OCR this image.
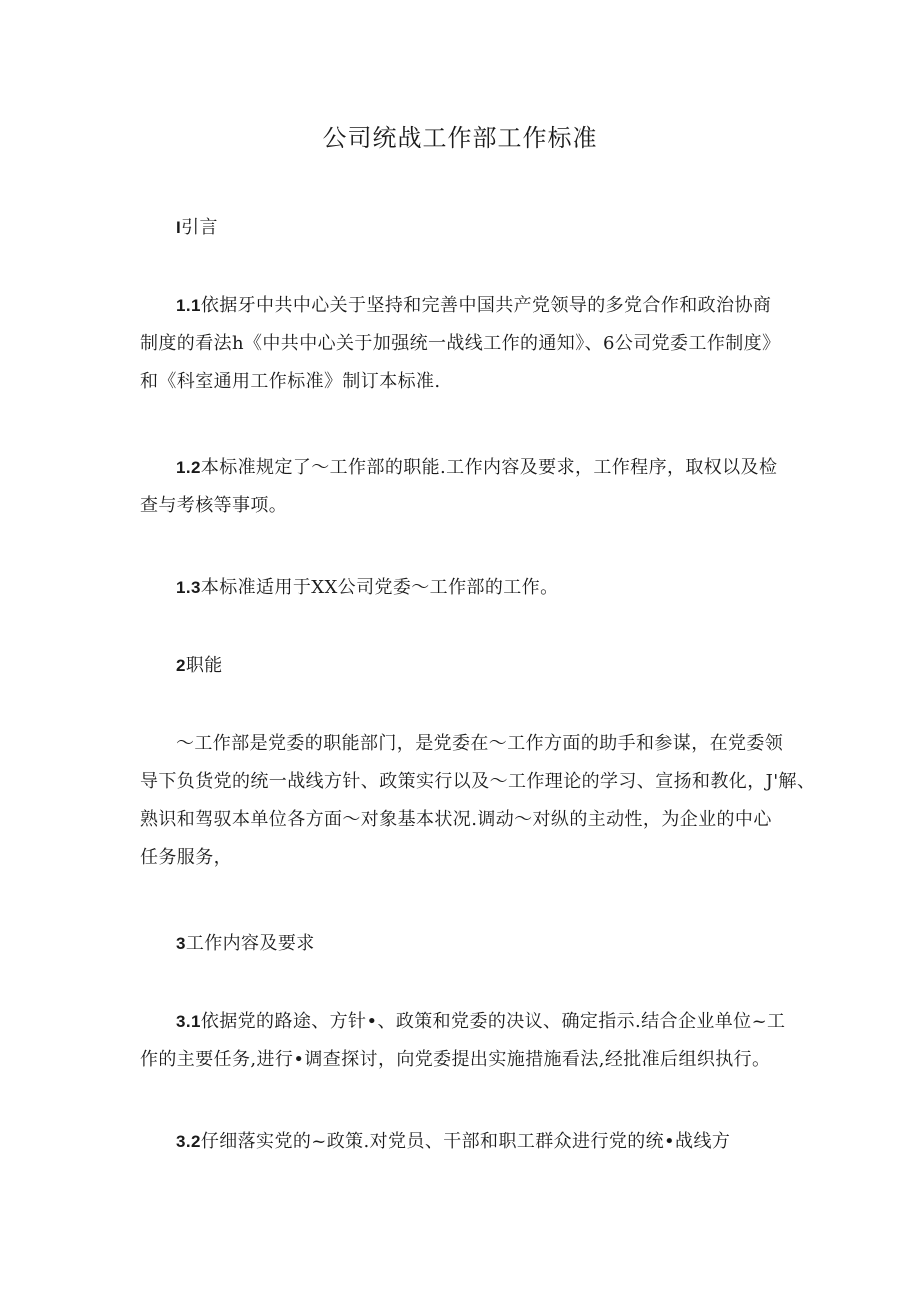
公司统战工作部工作标准
I引言
1.1依据牙中共中心关于坚持和完善中国共产党领导的多党合作和政治协商
制度的看法h《中共中心关于加强统一战线工作的通知》、6公司党委工作制度》
和《科室通用工作标准》制订本标准.
1.2本标准规定了～工作部的职能.工作内容及要求，工作程序，取权以及检
查与考核等事项。
1.3本标准适用于XX公司党委～工作部的工作。
2职能
～工作部是党委的职能部门，是党委在～工作方面的助手和参谋，在党委领
导下负货党的统一战线方针、政策实行以及～工作理论的学习、宣扬和教化，J'解、
熟识和驾驭本单位各方面～对象基本状况.调动～对纵的主动性，为企业的中心
任务服务，
3工作内容及要求
3.1依据党的路途、方针•、政策和党委的决议、确定指示.结合企业单位~工
作的主要任务,进行•调查探讨，向党委提出实施措施看法,经批准后组织执行。
3.2仔细落实党的~政策.对党员、干部和职工群众进行党的统•战线方
